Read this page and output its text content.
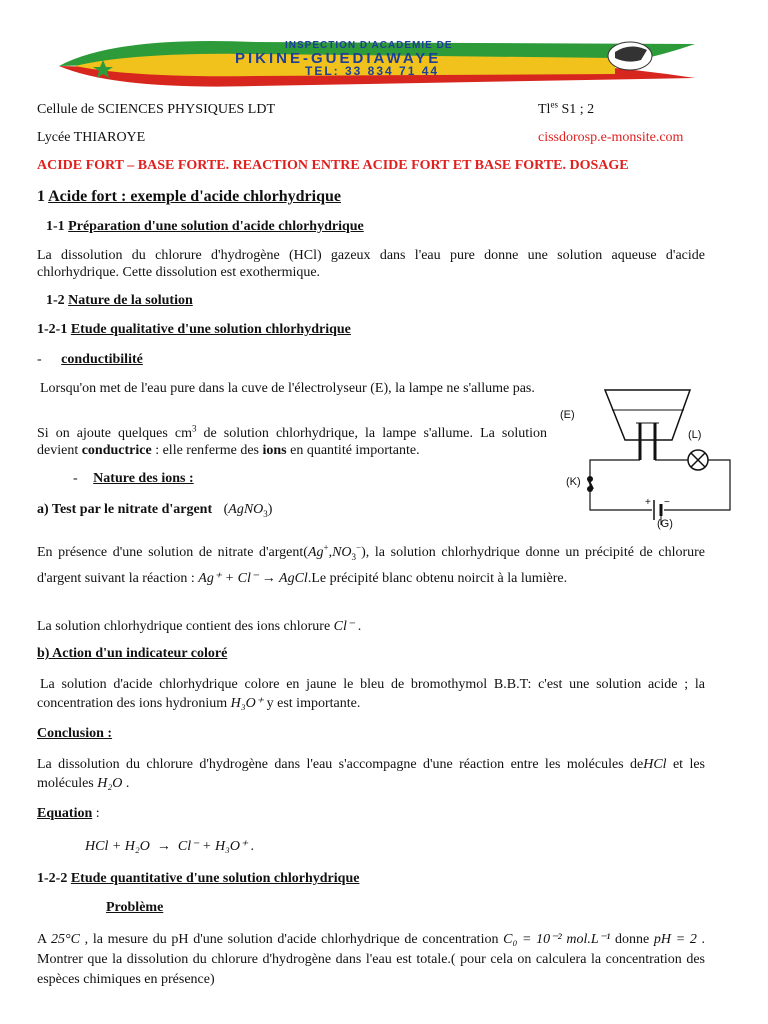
INSPECTION D'ACADEMIE DE
PIKINE-GUEDIAWAYE
TEL: 33 834 71 44
Cellule de SCIENCES PHYSIQUES LDT	$Tl^{es}$ S1 ; 2
Lycée THIAROYE	cissdorosp.e-monsite.com
ACIDE FORT – BASE FORTE. REACTION ENTRE ACIDE FORT ET BASE FORTE. DOSAGE
1 Acide fort : exemple d'acide chlorhydrique
1-1 Préparation d'une solution d'acide chlorhydrique
La dissolution du chlorure d'hydrogène (HCl) gazeux dans l'eau pure donne une solution aqueuse d'acide chlorhydrique. Cette dissolution est exothermique.
1-2 Nature de la solution
1-2-1 Etude qualitative d'une solution chlorhydrique
- conductibilité
Lorsqu'on met de l'eau pure dans la cuve de l'électrolyseur (E), la lampe ne s'allume pas.
Si on ajoute quelques $cm^3$ de solution chlorhydrique, la lampe s'allume. La solution devient conductrice : elle renferme des ions en quantité importante.
- Nature des ions :
a) Test par le nitrate d'argent (AgNO$_3$)
En présence d'une solution de nitrate $d'argent(Ag^+,NO_3^-)$, la solution chlorhydrique donne un précipité de chlorure d'argent suivant la réaction : Ag⁺ + Cl⁻ → AgCl.Le précipité blanc obtenu noircit à la lumière.
La solution chlorhydrique contient des ions chlorure Cl⁻ .
b) Action d'un indicateur coloré
La solution d'acide chlorhydrique colore en jaune le bleu de bromothymol B.B.T: c'est une solution acide ; la concentration des ions hydronium H₃O⁺ y est importante.
Conclusion :
La dissolution du chlorure d'hydrogène dans l'eau s'accompagne d'une réaction entre les molécules deHCl et les molécules H₂O .
Equation :
HCl + H₂O  →  Cl⁻ + H₃O⁺ .
1-2-2 Etude quantitative d'une solution chlorhydrique
Problème
A 25°C , la mesure du pH d'une solution d'acide chlorhydrique de concentration C₀ = 10⁻² mol.L⁻¹ donne pH = 2 . Montrer que la dissolution du chlorure d'hydrogène dans l'eau est totale.( pour cela on calculera la concentration des espèces chimiques en présence)
(E)
(L)
(K)
(G)
+ −
